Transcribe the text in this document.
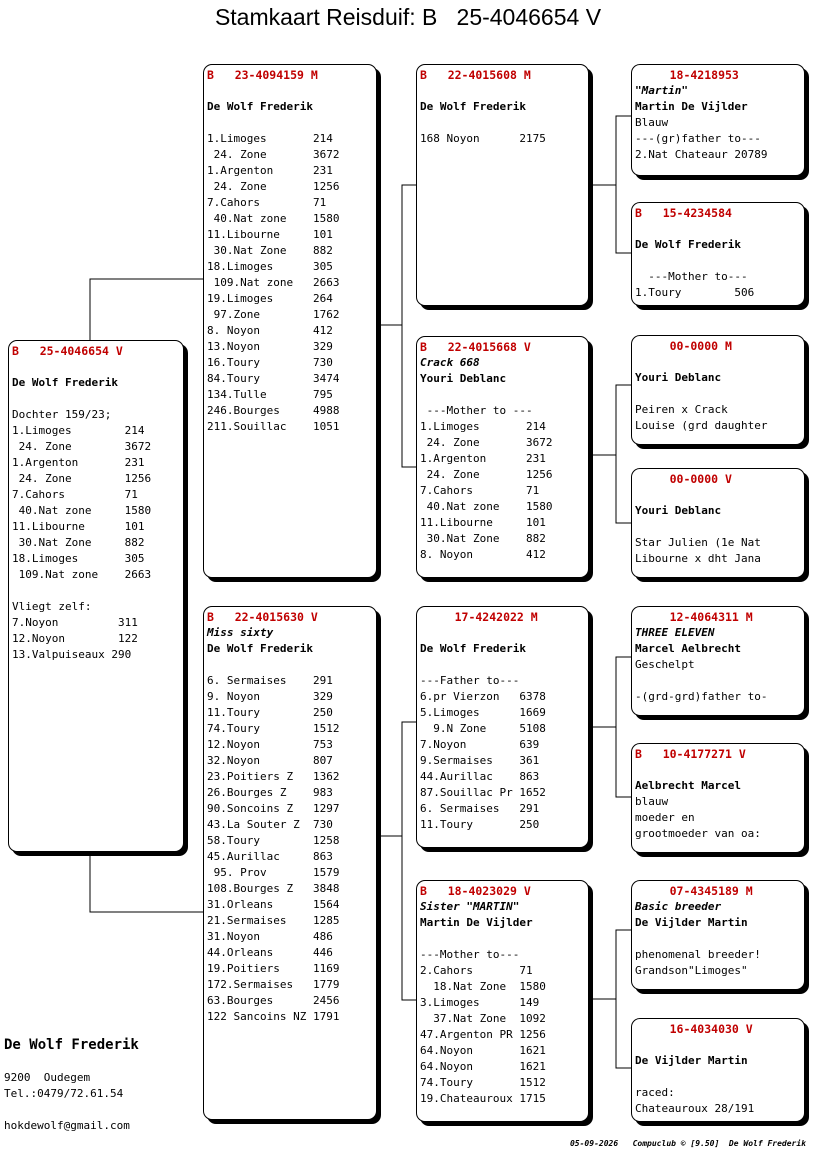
Stamkaart Reisduif: B   25-4046654 V
B   25-4046654 V
De Wolf Frederik
Dochter 159/23;
1.Limoges        214
24. Zone        3672
1.Argenton       231
24. Zone        1256
7.Cahors         71
40.Nat zone     1580
11.Libourne      101
30.Nat Zone     882
18.Limoges       305
109.Nat zone    2663
Vliegt zelf:
7.Noyon         311
12.Noyon        122
13.Valpuiseaux 290
B   23-4094159 M
De Wolf Frederik
1.Limoges       214
24. Zone       3672
1.Argenton      231
24. Zone       1256
7.Cahors        71
40.Nat zone    1580
11.Libourne     101
30.Nat Zone    882
18.Limoges      305
109.Nat zone   2663
19.Limoges      264
97.Zone        1762
8. Noyon        412
13.Noyon        329
16.Toury        730
84.Toury        3474
134.Tulle       795
246.Bourges     4988
211.Souillac    1051
B   22-4015630 V
Miss sixty
De Wolf Frederik
6. Sermaises    291
9. Noyon        329
11.Toury        250
74.Toury        1512
12.Noyon        753
32.Noyon        807
23.Poitiers Z   1362
26.Bourges Z    983
90.Soncoins Z   1297
43.La Souter Z  730
58.Toury        1258
45.Aurillac     863
95. Prov       1579
108.Bourges Z   3848
31.Orleans      1564
21.Sermaises    1285
31.Noyon        486
44.Orleans      446
19.Poitiers     1169
172.Sermaises   1779
63.Bourges      2456
122 Sancoins NZ 1791
B   22-4015608 M
De Wolf Frederik
168 Noyon      2175
B   22-4015668 V
Crack 668
Youri Deblanc
---Mother to ---
1.Limoges       214
24. Zone       3672
1.Argenton      231
24. Zone       1256
7.Cahors        71
40.Nat zone    1580
11.Libourne     101
30.Nat Zone    882
8. Noyon        412
17-4242022 M
De Wolf Frederik
---Father to---
6.pr Vierzon   6378
5.Limoges      1669
9.N Zone     5108
7.Noyon        639
9.Sermaises    361
44.Aurillac    863
87.Souillac Pr 1652
6. Sermaises   291
11.Toury       250
B   18-4023029 V
Sister "MARTIN"
Martin De Vijlder
---Mother to---
2.Cahors       71
18.Nat Zone  1580
3.Limoges      149
37.Nat Zone  1092
47.Argenton PR 1256
64.Noyon       1621
64.Noyon       1621
74.Toury       1512
19.Chateauroux 1715
18-4218953
"Martin"
Martin De Vijlder
Blauw
---(gr)father to---
2.Nat Chateaur 20789
B   15-4234584
De Wolf Frederik
---Mother to---
1.Toury        506
00-0000 M
Youri Deblanc
Peiren x Crack
Louise (grd daughter
00-0000 V
Youri Deblanc
Star Julien (1e Nat
Libourne x dht Jana
12-4064311 M
THREE ELEVEN
Marcel Aelbrecht
Geschelpt
-(grd-grd)father to-
B   10-4177271 V
Aelbrecht Marcel
blauw
moeder en
grootmoeder van oa:
07-4345189 M
Basic breeder
De Vijlder Martin
phenomenal breeder!
Grandson"Limoges"
16-4034030 V
De Vijlder Martin
raced:
Chateauroux 28/191
De Wolf Frederik
9200  Oudegem
Tel.:0479/72.61.54
hokdewolf@gmail.com
05-09-2026   Compuclub © [9.50]  De Wolf Frederik
